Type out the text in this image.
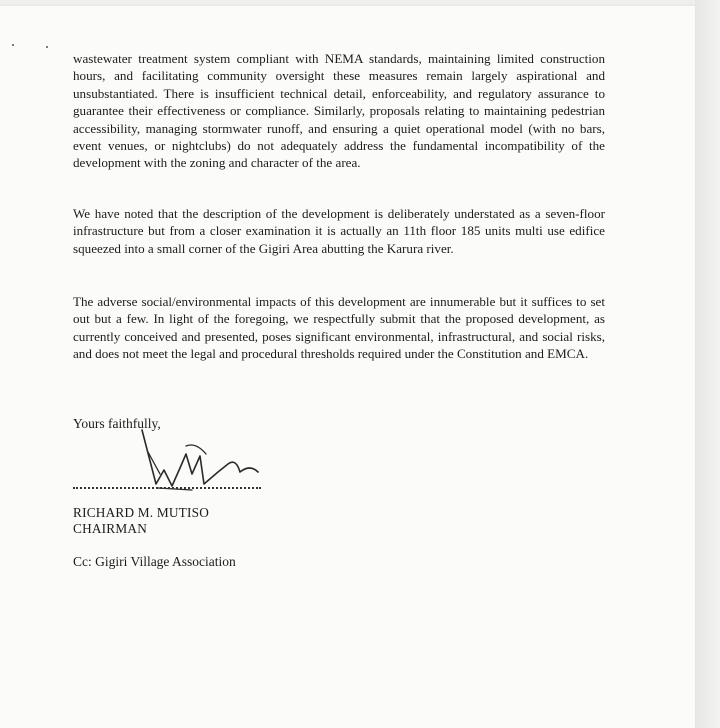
wastewater treatment system compliant with NEMA standards, maintaining limited construction hours, and facilitating community oversight these measures remain largely aspirational and unsubstantiated. There is insufficient technical detail, enforceability, and regulatory assurance to guarantee their effectiveness or compliance. Similarly, proposals relating to maintaining pedestrian accessibility, managing stormwater runoff, and ensuring a quiet operational model (with no bars, event venues, or nightclubs) do not adequately address the fundamental incompatibility of the development with the zoning and character of the area.

We have noted that the description of the development is deliberately understated as a seven-floor infrastructure but from a closer examination it is actually an 11th floor 185 units multi use edifice squeezed into a small corner of the Gigiri Area abutting the Karura river.

The adverse social/environmental impacts of this development are innumerable but it suffices to set out but a few. In light of the foregoing, we respectfully submit that the proposed development, as currently conceived and presented, poses significant environmental, infrastructural, and social risks, and does not meet the legal and procedural thresholds required under the Constitution and EMCA.

Yours faithfully,

RICHARD M. MUTISO

CHAIRMAN

Cc: Gigiri Village Association
